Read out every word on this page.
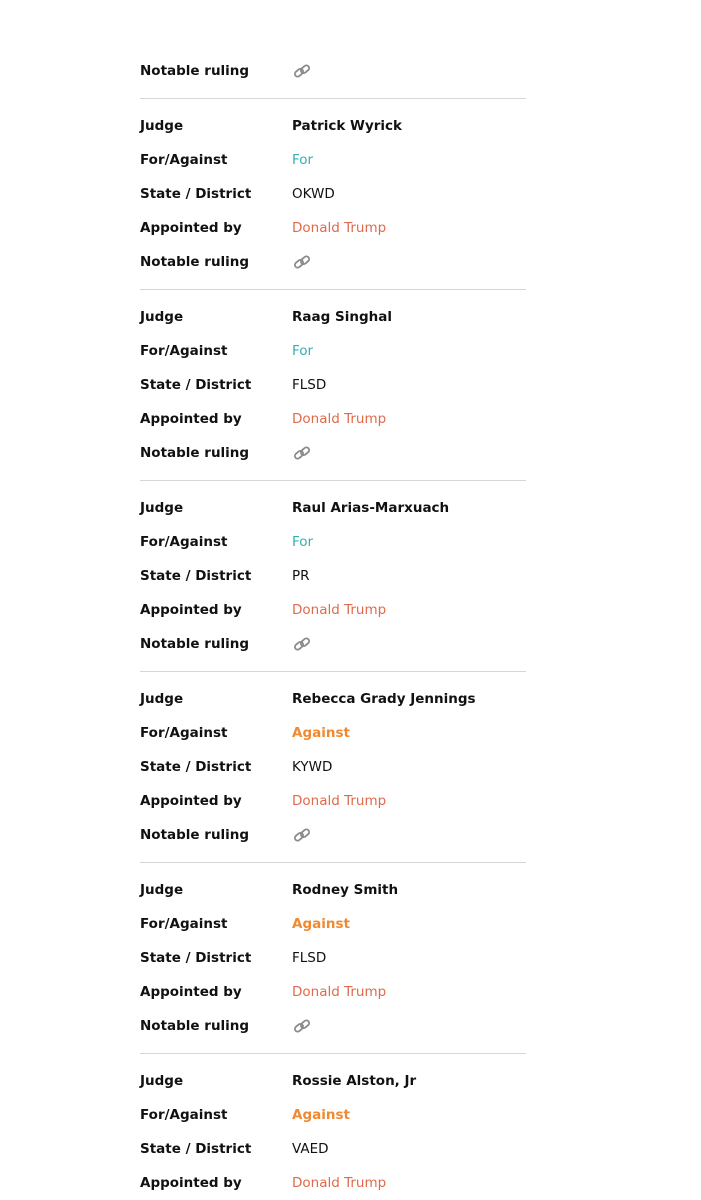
Notable ruling
Judge	Patrick Wyrick
For/Against	For
State / District	OKWD
Appointed by	Donald Trump
Notable ruling
Judge	Raag Singhal
For/Against	For
State / District	FLSD
Appointed by	Donald Trump
Notable ruling
Judge	Raul Arias-Marxuach
For/Against	For
State / District	PR
Appointed by	Donald Trump
Notable ruling
Judge	Rebecca Grady Jennings
For/Against	Against
State / District	KYWD
Appointed by	Donald Trump
Notable ruling
Judge	Rodney Smith
For/Against	Against
State / District	FLSD
Appointed by	Donald Trump
Notable ruling
Judge	Rossie Alston, Jr
For/Against	Against
State / District	VAED
Appointed by	Donald Trump
